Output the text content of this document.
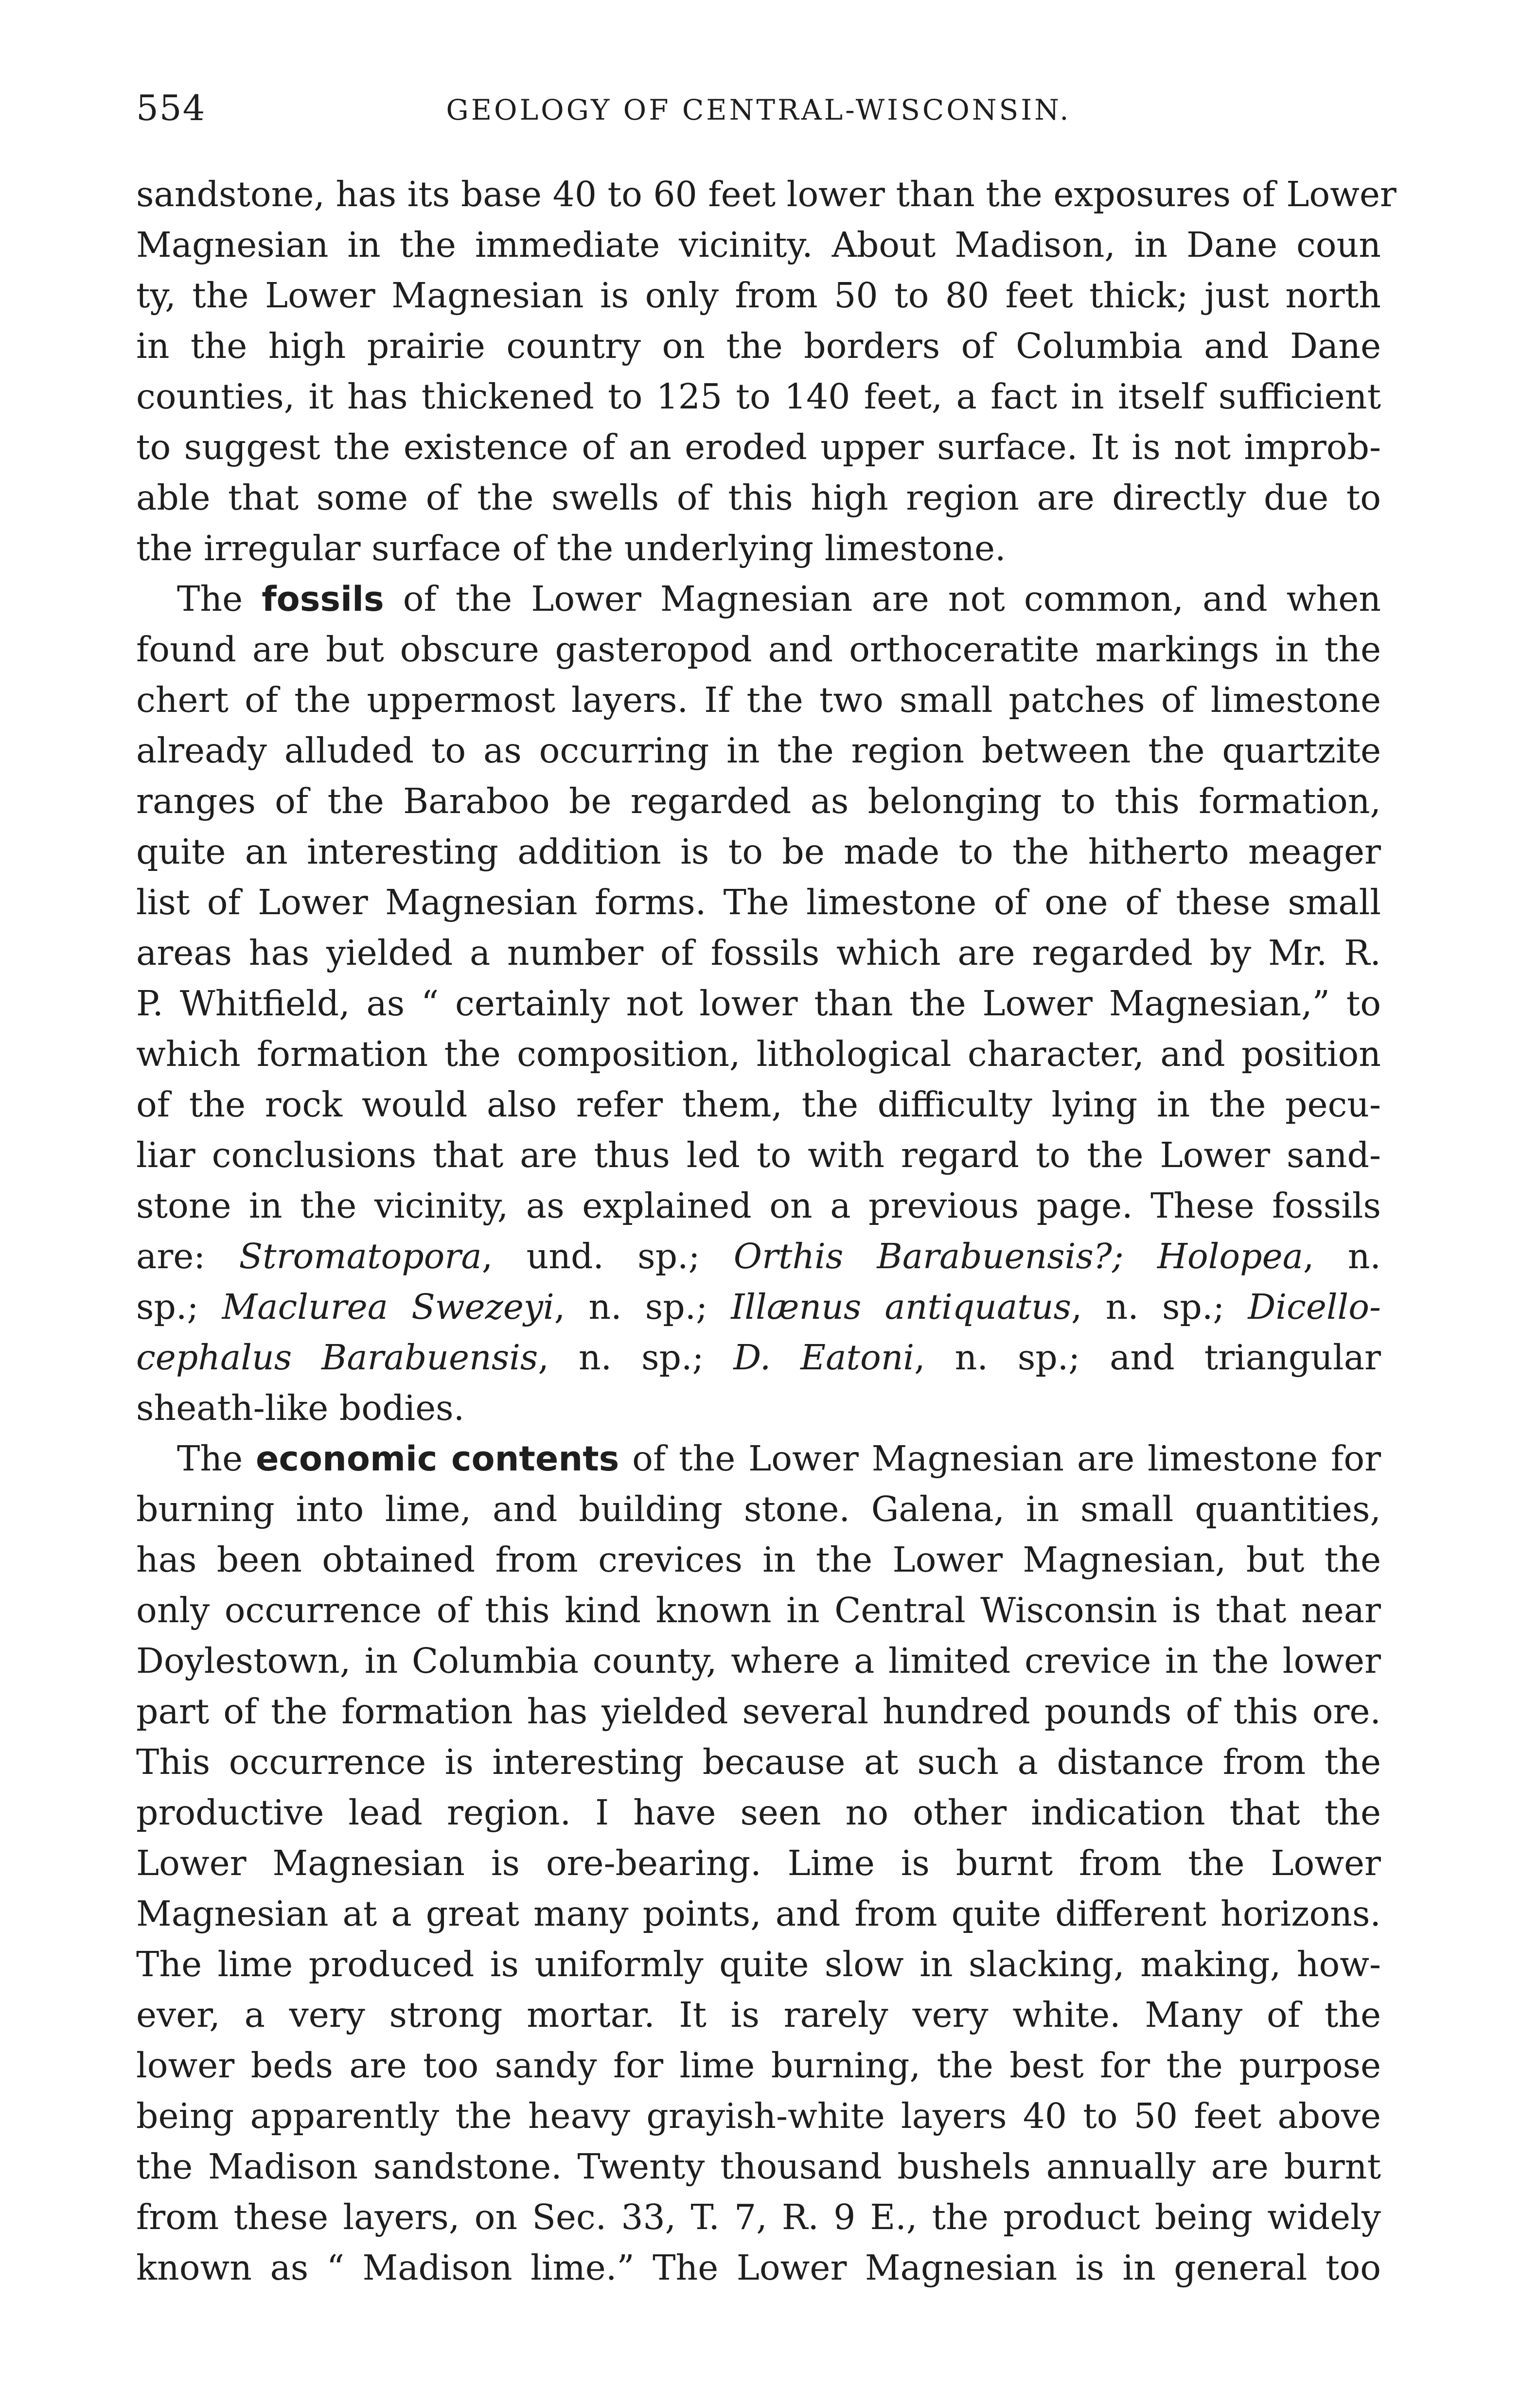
554	GEOLOGY OF CENTRAL-WISCONSIN.
sandstone, has its base 40 to 60 feet lower than the exposures of Lower
Magnesian in the immediate vicinity. About Madison, in Dane coun
ty, the Lower Magnesian is only from 50 to 80 feet thick; just north
in the high prairie country on the borders of Columbia and Dane
counties, it has thickened to 125 to 140 feet, a fact in itself sufficient
to suggest the existence of an eroded upper surface. It is not improb-
able that some of the swells of this high region are directly due to
the irregular surface of the underlying limestone.
The fossils of the Lower Magnesian are not common, and when
found are but obscure gasteropod and orthoceratite markings in the
chert of the uppermost layers. If the two small patches of limestone
already alluded to as occurring in the region between the quartzite
ranges of the Baraboo be regarded as belonging to this formation,
quite an interesting addition is to be made to the hitherto meager
list of Lower Magnesian forms. The limestone of one of these small
areas has yielded a number of fossils which are regarded by Mr. R.
P. Whitfield, as “ certainly not lower than the Lower Magnesian,” to
which formation the composition, lithological character, and position
of the rock would also refer them, the difficulty lying in the pecu-
liar conclusions that are thus led to with regard to the Lower sand-
stone in the vicinity, as explained on a previous page. These fossils
are: Stromatopora, und. sp.; Orthis Barabuensis?; Holopea, n.
sp.; Maclurea Swezeyi, n. sp.; Illænus antiquatus, n. sp.; Dicello-
cephalus Barabuensis, n. sp.; D. Eatoni, n. sp.; and triangular
sheath-like bodies.
The economic contents of the Lower Magnesian are limestone for
burning into lime, and building stone. Galena, in small quantities,
has been obtained from crevices in the Lower Magnesian, but the
only occurrence of this kind known in Central Wisconsin is that near
Doylestown, in Columbia county, where a limited crevice in the lower
part of the formation has yielded several hundred pounds of this ore.
This occurrence is interesting because at such a distance from the
productive lead region. I have seen no other indication that the
Lower Magnesian is ore-bearing. Lime is burnt from the Lower
Magnesian at a great many points, and from quite different horizons.
The lime produced is uniformly quite slow in slacking, making, how-
ever, a very strong mortar. It is rarely very white. Many of the
lower beds are too sandy for lime burning, the best for the purpose
being apparently the heavy grayish-white layers 40 to 50 feet above
the Madison sandstone. Twenty thousand bushels annually are burnt
from these layers, on Sec. 33, T. 7, R. 9 E., the product being widely
known as “ Madison lime.” The Lower Magnesian is in general too
